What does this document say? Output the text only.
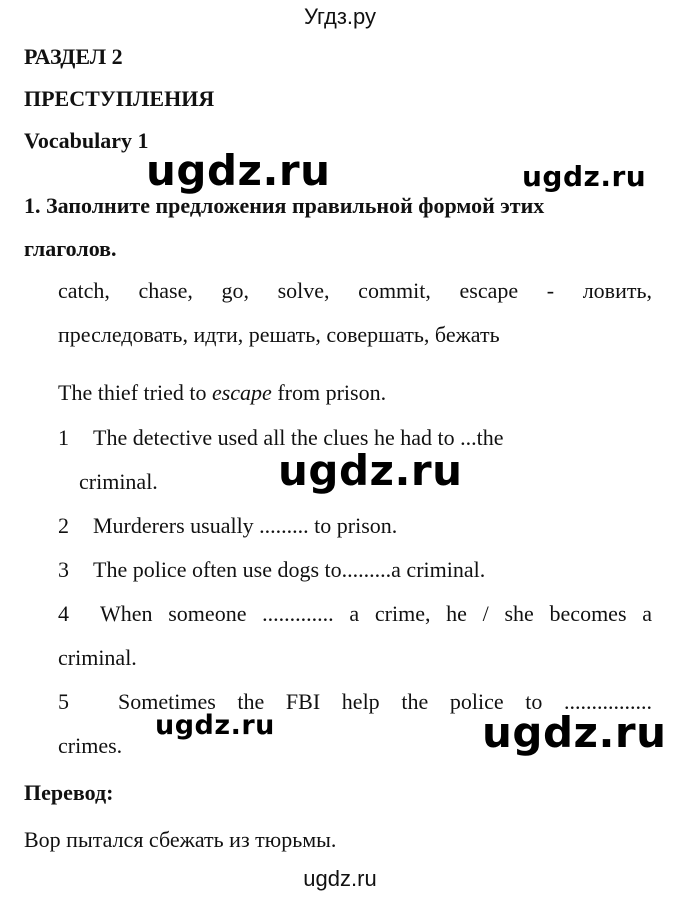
Угдз.ру
РАЗДЕЛ 2
ПРЕСТУПЛЕНИЯ
Vocabulary 1
ugdz.ru	ugdz.ru
1. Заполните предложения правильной формой этих
глаголов.
catch, chase, go, solve, commit, escape - ловить,
преследовать, идти, решать, совершать, бежать
The thief tried to escape from prison.
1 The detective used all the clues he had to ...the
criminal.	ugdz.ru
2 Murderers usually ......... to prison.
3 The police often use dogs to.........a criminal.
4 When someone ............. a crime, he / she becomes a
criminal.
5 Sometimes the FBI help the police to ................
crimes.
ugdz.ru	ugdz.ru
Перевод:
Вор пытался сбежать из тюрьмы.
ugdz.ru
